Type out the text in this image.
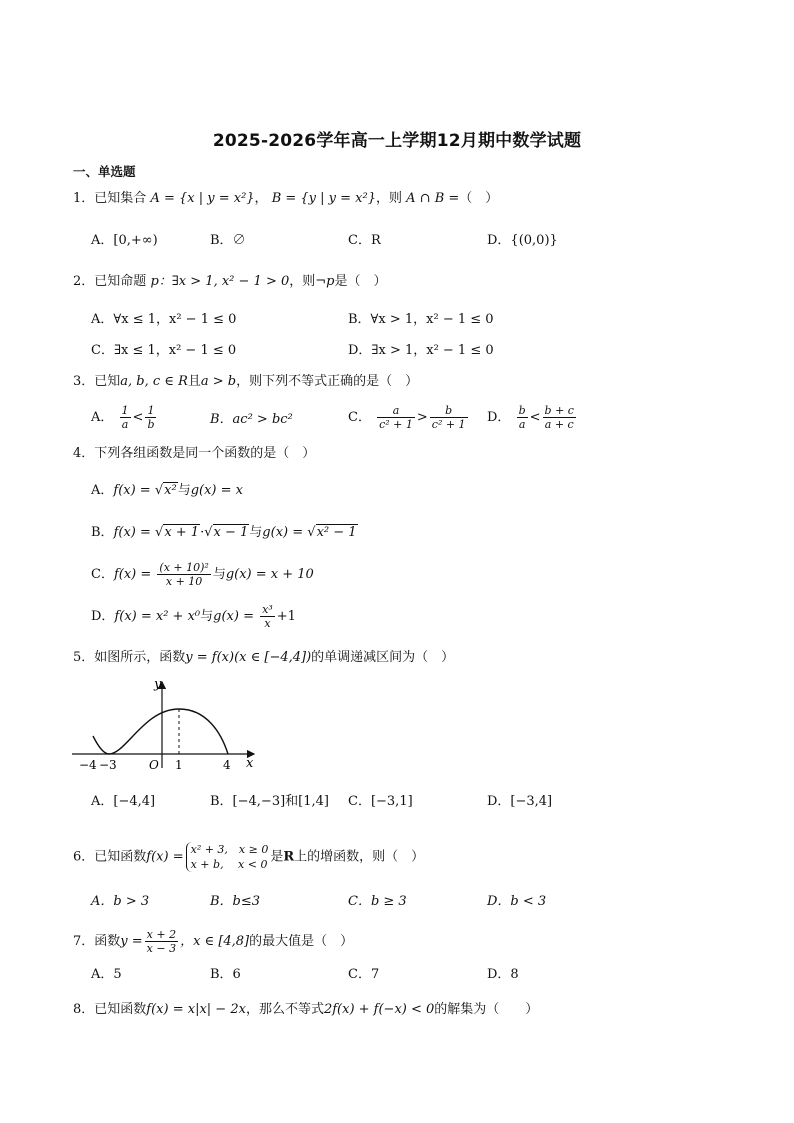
2025-2026学年高一上学期12月期中数学试题
一、单选题
1．已知集合 A = {x | y = x²}， B = {y | y = x²}，则 A ∩ B =（　）
A．[0,+∞)	B．∅	C．R	D．{(0,0)}
2．已知命题 p：∃x > 1, x² − 1 > 0，则¬p是（　）
A．∀x ≤ 1，x² − 1 ≤ 0	B．∀x > 1，x² − 1 ≤ 0
C．∃x ≤ 1，x² − 1 ≤ 0	D．∃x > 1，x² − 1 ≤ 0
3．已知a, b, c ∈ R且a > b，则下列不等式正确的是（　）
A． $\frac{1}{a} < \frac{1}{b}$	B．ac² > bc²	C． $\frac{a}{\text{c² + 1}} > \frac{b}{\text{c² + 1}}$ D． $\frac{b}{a} < \frac{b + c}{a + c}$
4．下列各组函数是同一个函数的是（　）
A．f(x) = √x²与g(x) = x
B．f(x) = √x + 1·√x − 1与g(x) = √x² − 1
C．$f(x) = \frac{\text{(x + 10)²}}{x + 10}$ 与g(x) = x + 10
D．f(x) = x² + x⁰与$g(x) = \frac{\text{x³}}{x} +1$
5．如图所示，函数y = f(x)(x ∈ [−4,4])的单调递减区间为（　）
y
x
O
−4 −3	1	4
A．[−4,4]	B．[−4,−3]和[1,4] C．[−3,1]	D．[−3,4]
6．已知函数f(x) = x² + 3,　x ≥ 0
x + b,　 x < 0 是R上的增函数，则（　）
A．b > 3	B．b≤3	C．b ≥ 3	D．b < 3
7．函数$y = \frac{x + 2}{x - 3}$ ，x ∈ [4,8]的最大值是（　）
A．5	B．6	C．7	D．8
8．已知函数f(x) = x|x| − 2x，那么不等式2f(x) + f(−x) < 0的解集为（　　）
